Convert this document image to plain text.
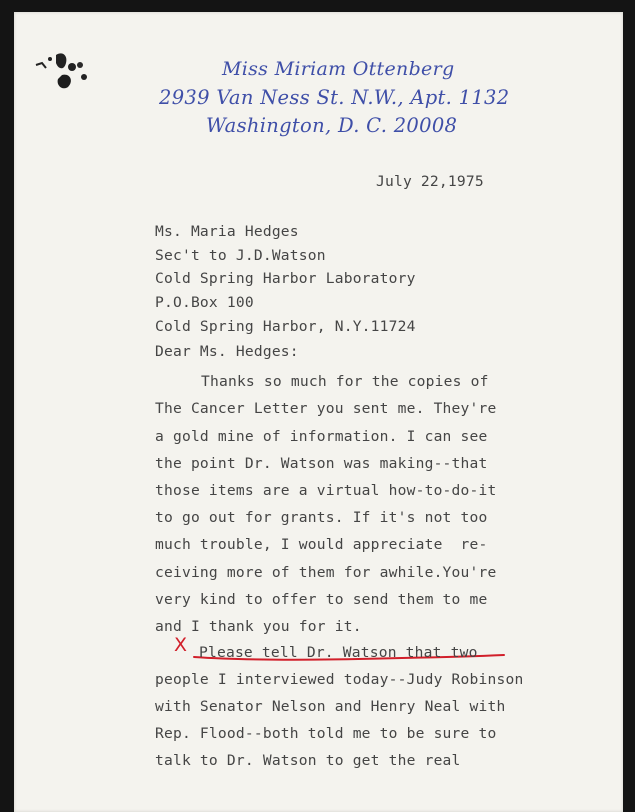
Miss Miriam Ottenberg
2939 Van Ness St. N.W., Apt. 1132
Washington, D. C. 20008
July 22,1975
Ms. Maria Hedges
Sec't to J.D.Watson
Cold Spring Harbor Laboratory
P.O.Box 100
Cold Spring Harbor, N.Y.11724
Dear Ms. Hedges:
Thanks so much for the copies of
The Cancer Letter you sent me. They're
a gold mine of information. I can see
the point Dr. Watson was making--that
those items are a virtual how-to-do-it
to go out for grants. If it's not too
much trouble, I would appreciate  re-
ceiving more of them for awhile.You're
very kind to offer to send them to me
and I thank you for it.
X Please tell Dr. Watson that two
people I interviewed today--Judy Robinson
with Senator Nelson and Henry Neal with
Rep. Flood--both told me to be sure to
talk to Dr. Watson to get the real
